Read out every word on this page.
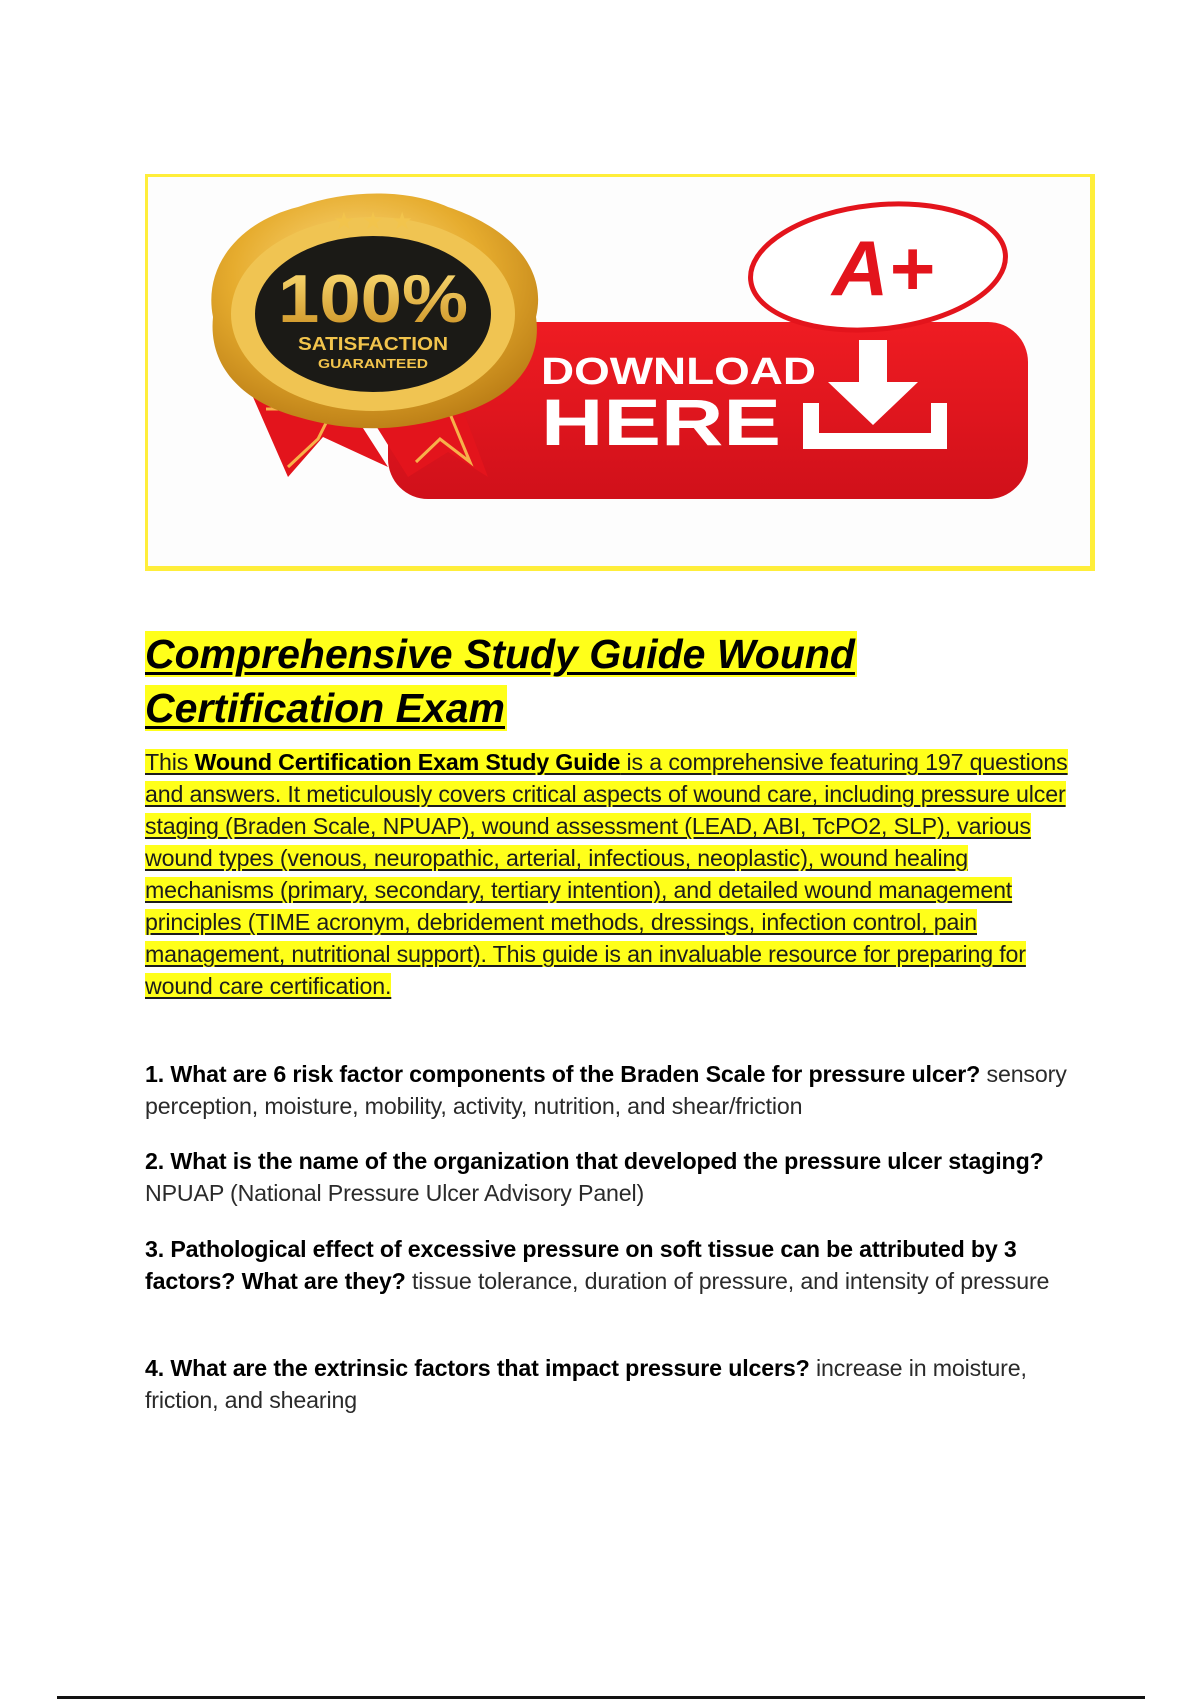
★ ★ ★
100%
SATISFACTION
GUARANTEED
A+
DOWNLOAD
HERE
Comprehensive Study Guide Wound Certification Exam

This Wound Certification Exam Study Guide is a comprehensive featuring 197 questions and answers. It meticulously covers critical aspects of wound care, including pressure ulcer staging (Braden Scale, NPUAP), wound assessment (LEAD, ABI, TcPO2, SLP), various wound types (venous, neuropathic, arterial, infectious, neoplastic), wound healing mechanisms (primary, secondary, tertiary intention), and detailed wound management principles (TIME acronym, debridement methods, dressings, infection control, pain management, nutritional support). This guide is an invaluable resource for preparing for wound care certification.

1. What are 6 risk factor components of the Braden Scale for pressure ulcer? sensory perception, moisture, mobility, activity, nutrition, and shear/friction

2. What is the name of the organization that developed the pressure ulcer staging? NPUAP (National Pressure Ulcer Advisory Panel)

3. Pathological effect of excessive pressure on soft tissue can be attributed by 3 factors? What are they? tissue tolerance, duration of pressure, and intensity of pressure

4. What are the extrinsic factors that impact pressure ulcers? increase in moisture, friction, and shearing
